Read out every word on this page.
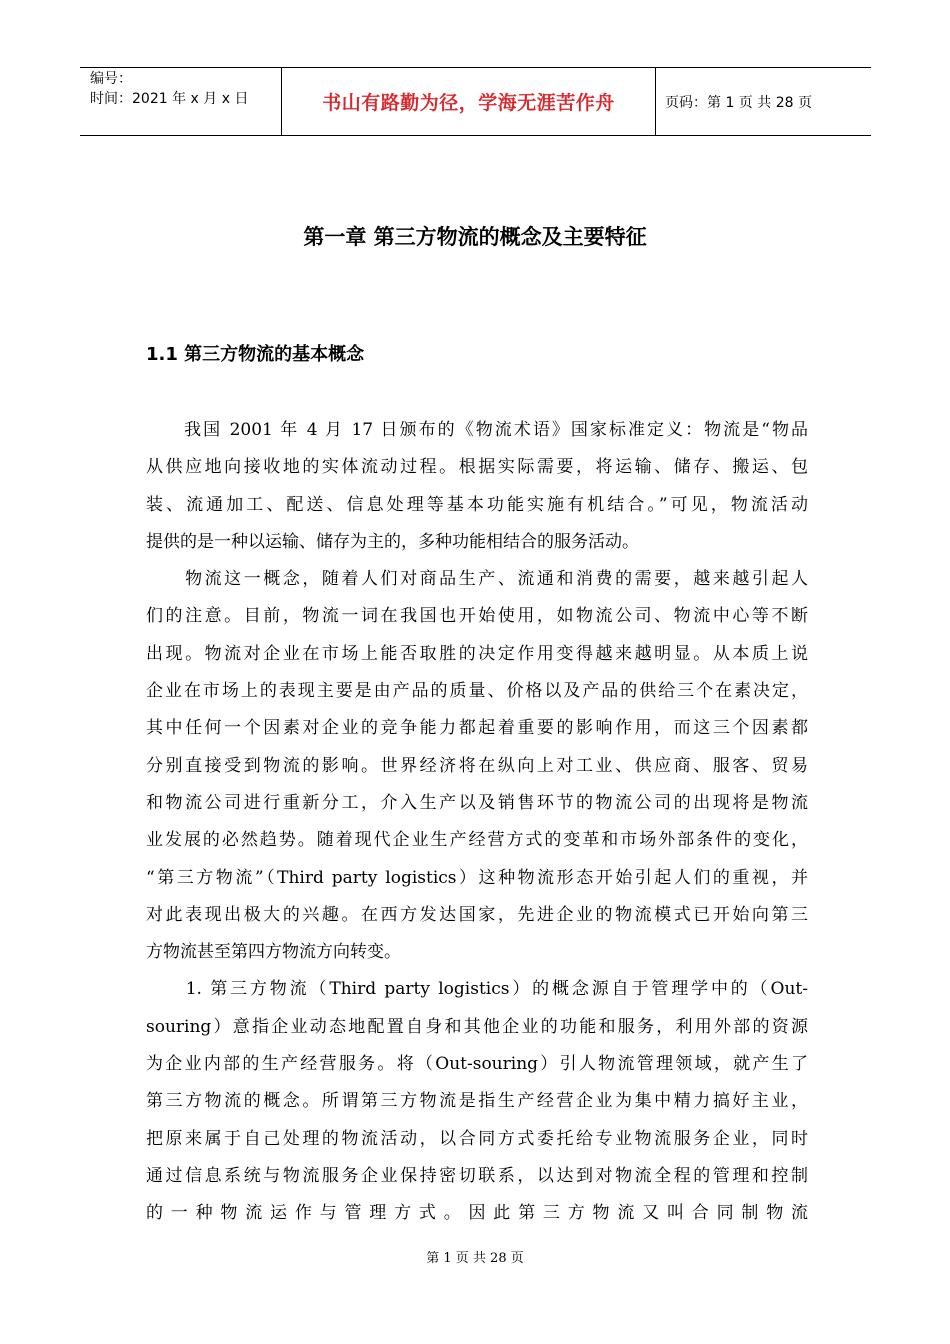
编号：
时间：2021 年 x 月 x 日	书山有路勤为径，学海无涯苦作舟	页码：第 1 页 共 28 页
第一章 第三方物流的概念及主要特征
1.1 第三方物流的基本概念
　　我国 2001 年 4 月 17 日颁布的《物流术语》国家标准定义：物流是“物品
从供应地向接收地的实体流动过程。根据实际需要，将运输、储存、搬运、包
装、流通加工、配送、信息处理等基本功能实施有机结合。”可见，物流活动
提供的是一种以运输、储存为主的，多种功能相结合的服务活动。
　　物流这一概念，随着人们对商品生产、流通和消费的需要，越来越引起人
们的注意。目前，物流一词在我国也开始使用，如物流公司、物流中心等不断
出现。物流对企业在市场上能否取胜的决定作用变得越来越明显。从本质上说
企业在市场上的表现主要是由产品的质量、价格以及产品的供给三个在素决定，
其中任何一个因素对企业的竞争能力都起着重要的影响作用，而这三个因素都
分别直接受到物流的影响。世界经济将在纵向上对工业、供应商、服客、贸易
和物流公司进行重新分工，介入生产以及销售环节的物流公司的出现将是物流
业发展的必然趋势。随着现代企业生产经营方式的变革和市场外部条件的变化，
“第三方物流”（Third party logistics）这种物流形态开始引起人们的重视，并
对此表现出极大的兴趣。在西方发达国家，先进企业的物流模式已开始向第三
方物流甚至第四方物流方向转变。
　　1. 第三方物流（Third party logistics）的概念源自于管理学中的（Out-
souring）意指企业动态地配置自身和其他企业的功能和服务，利用外部的资源
为企业内部的生产经营服务。将（Out-souring）引人物流管理领域，就产生了
第三方物流的概念。所谓第三方物流是指生产经营企业为集中精力搞好主业，
把原来属于自己处理的物流活动，以合同方式委托给专业物流服务企业，同时
通过信息系统与物流服务企业保持密切联系，以达到对物流全程的管理和控制
的一种物流运作与管理方式。因此第三方物流又叫合同制物流
第 1 页 共 28 页
